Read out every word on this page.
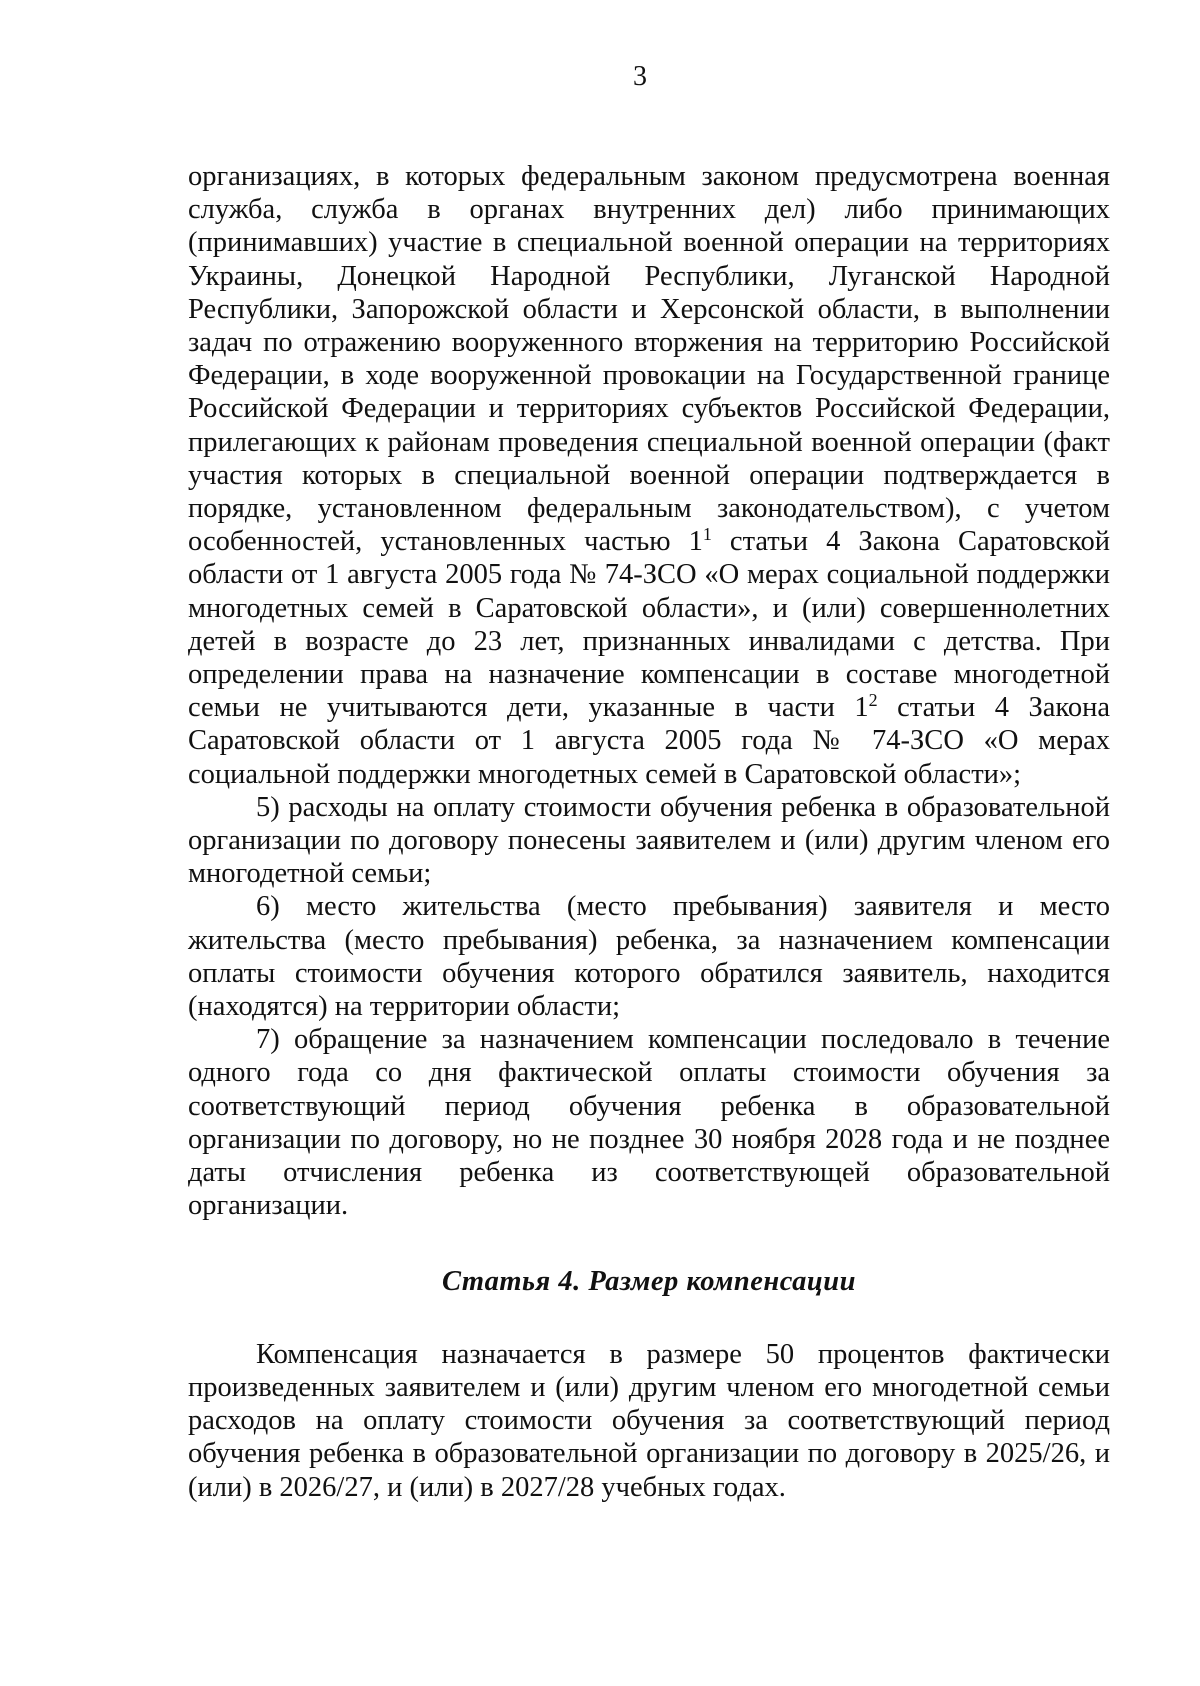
3

организациях, в которых федеральным законом предусмотрена военная служба, служба в органах внутренних дел) либо принимающих (принимавших) участие в специальной военной операции на территориях Украины, Донецкой Народной Республики, Луганской Народной Республики, Запорожской области и Херсонской области, в выполнении задач по отражению вооруженного вторжения на территорию Российской Федерации, в ходе вооруженной провокации на Государственной границе Российской Федерации и территориях субъектов Российской Федерации, прилегающих к районам проведения специальной военной операции (факт участия которых в специальной военной операции подтверждается в порядке, установленном федеральным законодательством), с учетом особенностей, установленных частью $1^1$ статьи 4 Закона Саратовской области от 1 августа 2005 года № 74-ЗСО «О мерах социальной поддержки многодетных семей в Саратовской области», и (или) совершеннолетних детей в возрасте до 23 лет, признанных инвалидами с детства. При определении права на назначение компенсации в составе многодетной семьи не учитываются дети, указанные в части $1^2$ статьи 4 Закона Саратовской области от 1 августа 2005 года № 74-ЗСО «О мерах социальной поддержки многодетных семей в Саратовской области»;

5) расходы на оплату стоимости обучения ребенка в образовательной организации по договору понесены заявителем и (или) другим членом его многодетной семьи;

6) место жительства (место пребывания) заявителя и место жительства (место пребывания) ребенка, за назначением компенсации оплаты стоимости обучения которого обратился заявитель, находится (находятся) на территории области;

7) обращение за назначением компенсации последовало в течение одного года со дня фактической оплаты стоимости обучения за соответствующий период обучения ребенка в образовательной организации по договору, но не позднее 30 ноября 2028 года и не позднее даты отчисления ребенка из соответствующей образовательной организации.

Статья 4. Размер компенсации

Компенсация назначается в размере 50 процентов фактически произведенных заявителем и (или) другим членом его многодетной семьи расходов на оплату стоимости обучения за соответствующий период обучения ребенка в образовательной организации по договору в 2025/26, и (или) в 2026/27, и (или) в 2027/28 учебных годах.
